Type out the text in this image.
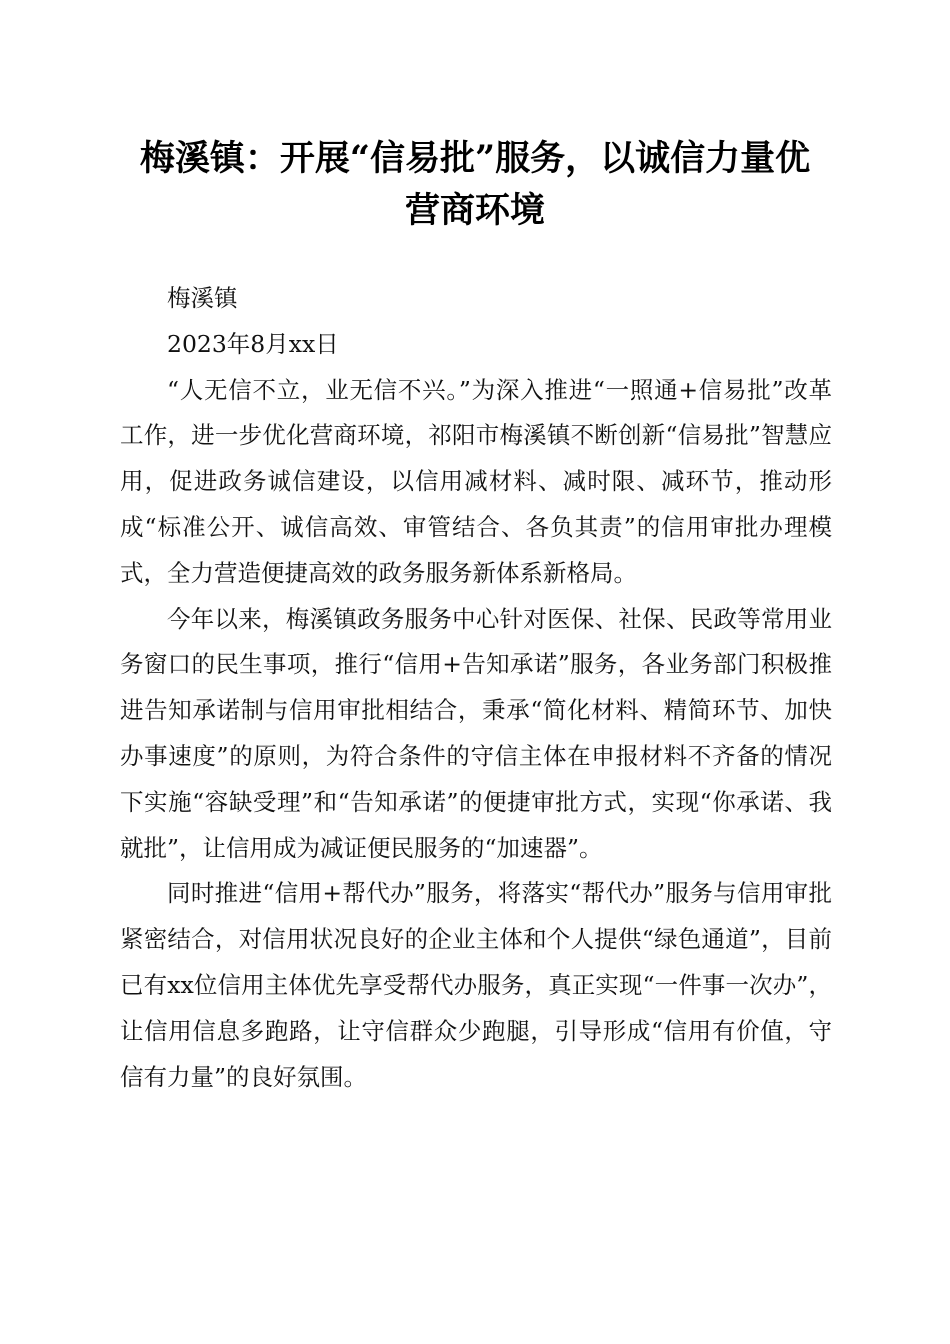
梅溪镇：开展“信易批”服务，以诚信力量优
营商环境

梅溪镇

2023年8月xx日

“人无信不立，业无信不兴。”为深入推进“一照通+信易批”改革工作，进一步优化营商环境，祁阳市梅溪镇不断创新“信易批”智慧应用，促进政务诚信建设，以信用减材料、减时限、减环节，推动形成“标准公开、诚信高效、审管结合、各负其责”的信用审批办理模式，全力营造便捷高效的政务服务新体系新格局。

今年以来，梅溪镇政务服务中心针对医保、社保、民政等常用业务窗口的民生事项，推行“信用+告知承诺”服务，各业务部门积极推进告知承诺制与信用审批相结合，秉承“简化材料、精简环节、加快办事速度”的原则，为符合条件的守信主体在申报材料不齐备的情况下实施“容缺受理”和“告知承诺”的便捷审批方式，实现“你承诺、我就批”，让信用成为减证便民服务的“加速器”。

同时推进“信用+帮代办”服务，将落实“帮代办”服务与信用审批紧密结合，对信用状况良好的企业主体和个人提供“绿色通道”，目前已有xx位信用主体优先享受帮代办服务，真正实现“一件事一次办”，让信用信息多跑路，让守信群众少跑腿，引导形成“信用有价值，守信有力量”的良好氛围。
